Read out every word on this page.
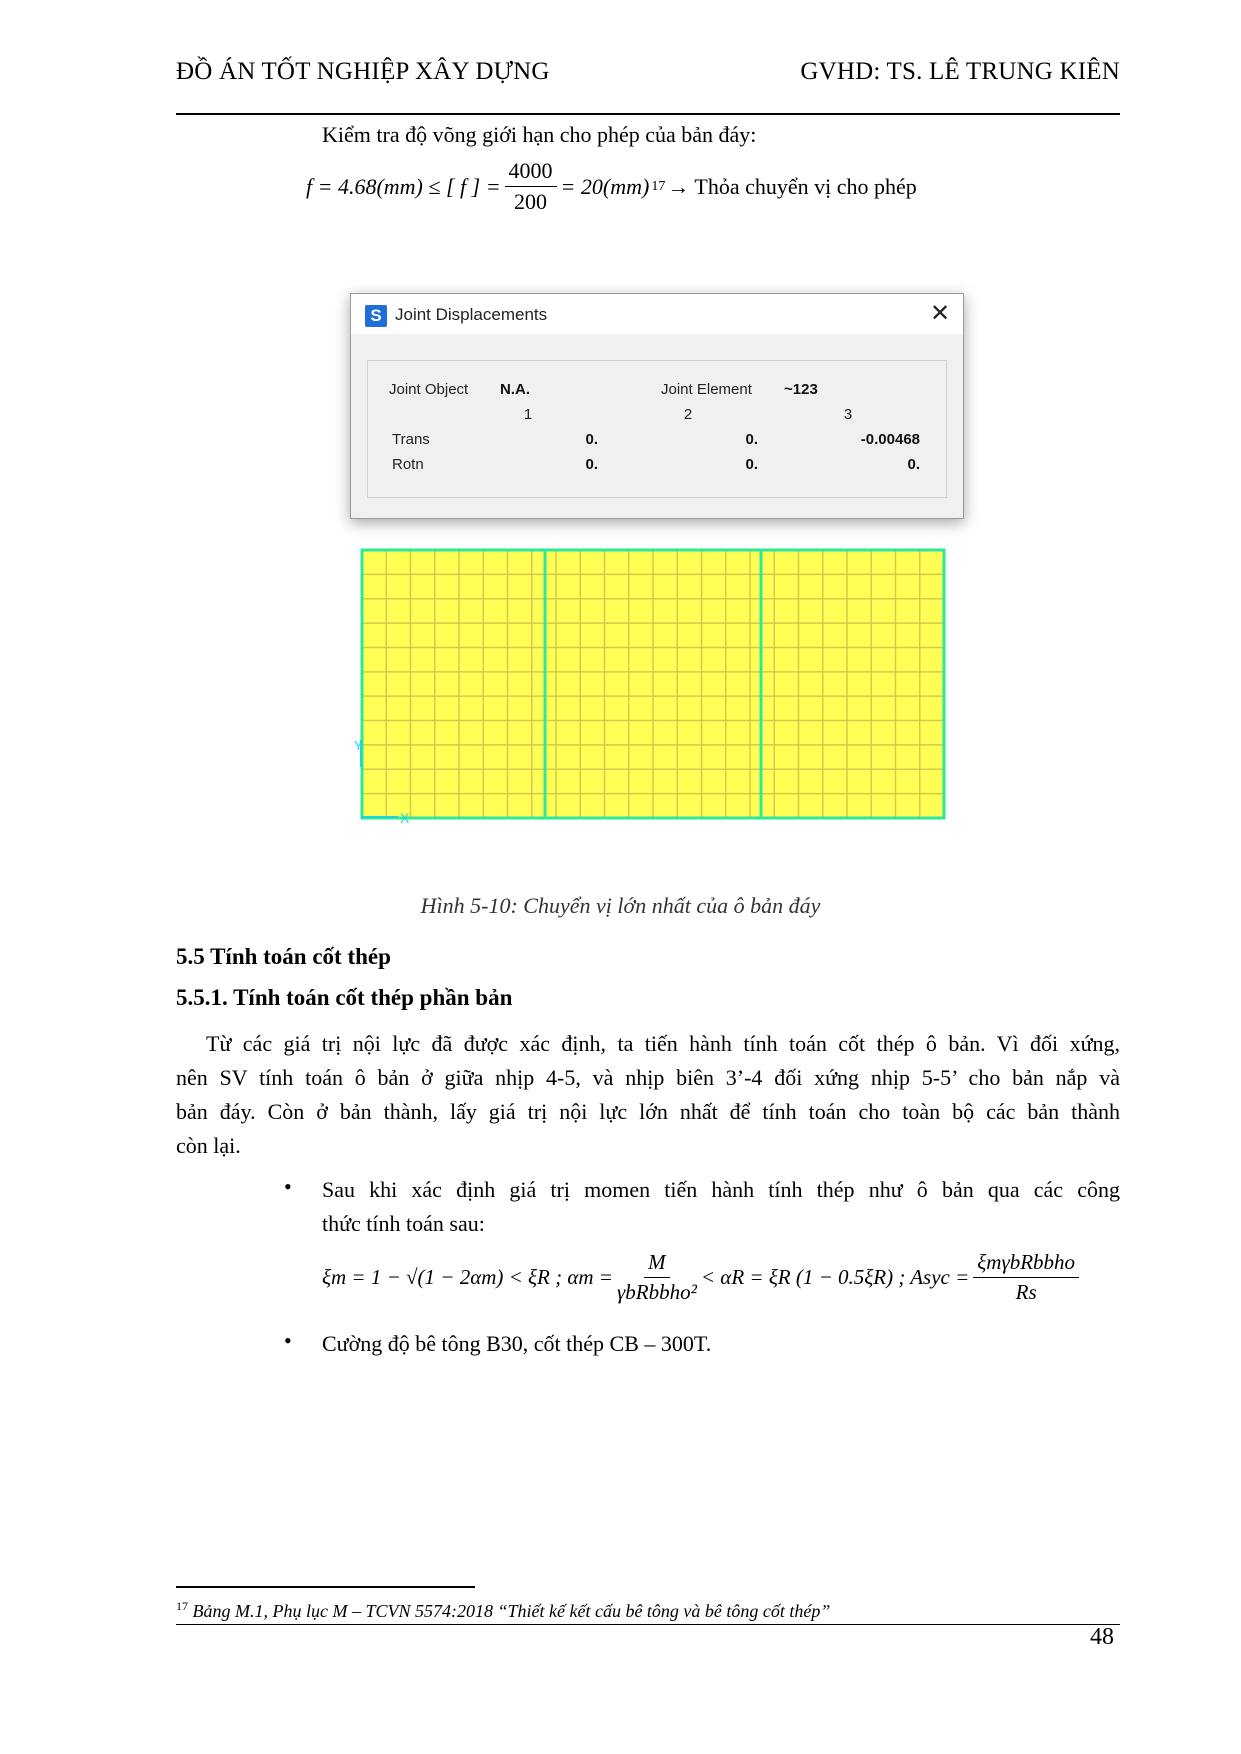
ĐỒ ÁN TỐT NGHIỆP XÂY DỰNG	GVHD: TS. LÊ TRUNG KIÊN
Kiểm tra độ võng giới hạn cho phép của bản đáy:
f = 4.68(mm) ≤ [ f ] = $\frac{4000}{200} = 20(mm) 17$ → Thỏa chuyển vị cho phép
S Joint Displacements	✕
Joint Object N.A.	Joint Element ~123
1	2	3
Trans	0.	0.	-0.00468
Rotn	0.	0.	0.
Y
X
Hình 5-10: Chuyển vị lớn nhất của ô bản đáy
5.5 Tính toán cốt thép
5.5.1. Tính toán cốt thép phần bản
Từ các giá trị nội lực đã được xác định, ta tiến hành tính toán cốt thép ô bản. Vì đối xứng,
nên SV tính toán ô bản ở giữa nhịp 4-5, và nhịp biên 3’-4 đối xứng nhịp 5-5’ cho bản nắp và
bản đáy. Còn ở bản thành, lấy giá trị nội lực lớn nhất để tính toán cho toàn bộ các bản thành
còn lại.
• Sau khi xác định giá trị momen tiến hành tính thép như ô bản qua các công
thức tính toán sau:
ξm = 1 − √(1 − 2αm) < ξR ; $\alpha m = \frac{M}{\text{γbRbbho²}} < \alpha R = \xi R$ (1 − 0.5ξR) ; Asyc = $\frac{\text{ξmγbRbbho}}{Rs}$
• Cường độ bê tông B30, cốt thép CB – 300T.
$^{17}$ Bảng M.1, Phụ lục M – TCVN 5574:2018 “Thiết kế kết cấu bê tông và bê tông cốt thép”
48
